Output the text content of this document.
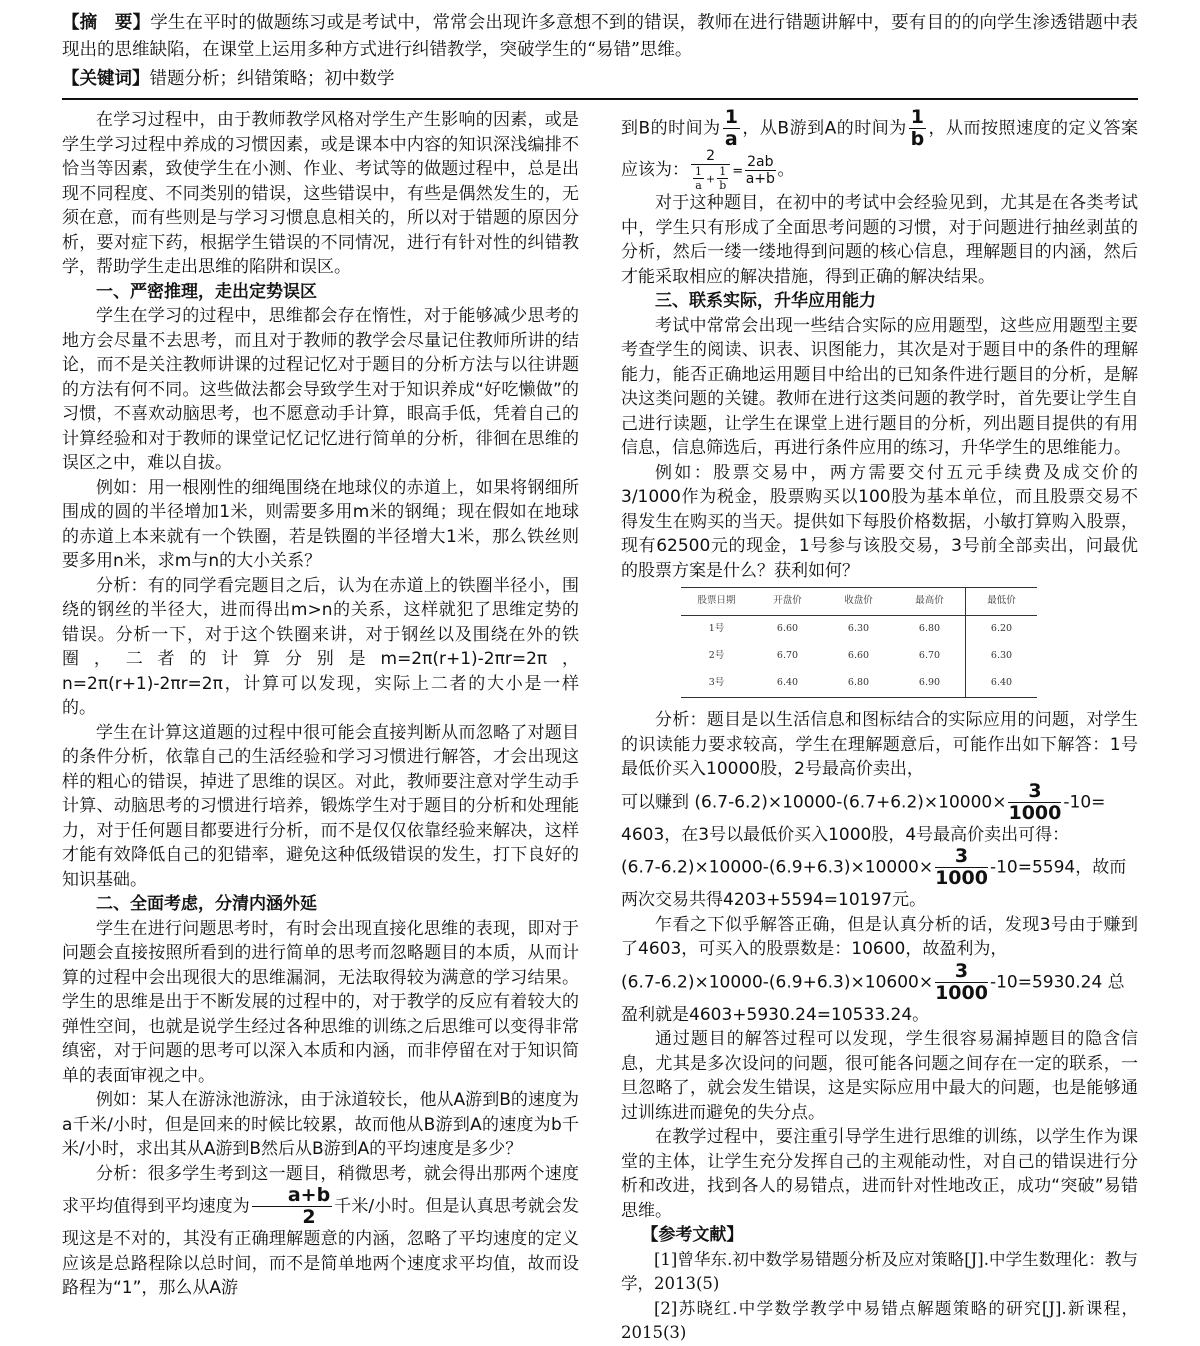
【摘　要】学生在平时的做题练习或是考试中，常常会出现许多意想不到的错误，教师在进行错题讲解中，要有目的的向学生渗透错题中表现出的思维缺陷，在课堂上运用多种方式进行纠错教学，突破学生的“易错”思维。
【关键词】错题分析；纠错策略；初中数学

在学习过程中，由于教师教学风格对学生产生影响的因素，或是学生学习过程中养成的习惯因素，或是课本中内容的知识深浅编排不恰当等因素，致使学生在小测、作业、考试等的做题过程中，总是出现不同程度、不同类别的错误，这些错误中，有些是偶然发生的，无须在意，而有些则是与学习习惯息息相关的，所以对于错题的原因分析，要对症下药，根据学生错误的不同情况，进行有针对性的纠错教学，帮助学生走出思维的陷阱和误区。

一、严密推理，走出定势误区

学生在学习的过程中，思维都会存在惰性，对于能够减少思考的地方会尽量不去思考，而且对于教师的教学会尽量记住教师所讲的结论，而不是关注教师讲课的过程记忆对于题目的分析方法与以往讲题的方法有何不同。这些做法都会导致学生对于知识养成“好吃懒做”的习惯，不喜欢动脑思考，也不愿意动手计算，眼高手低，凭着自己的计算经验和对于教师的课堂记忆记忆进行简单的分析，徘徊在思维的误区之中，难以自拔。

例如：用一根刚性的细绳围绕在地球仪的赤道上，如果将钢细所围成的圆的半径增加1米，则需要多用m米的钢绳；现在假如在地球的赤道上本来就有一个铁圈，若是铁圈的半径增大1米，那么铁丝则要多用n米，求m与n的大小关系？

分析：有的同学看完题目之后，认为在赤道上的铁圈半径小，围绕的钢丝的半径大，进而得出m>n的关系，这样就犯了思维定势的错误。分析一下，对于这个铁圈来讲，对于钢丝以及围绕在外的铁圈，二者的计算分别是m=2π(r+1)-2πr=2π，n=2π(r+1)-2πr=2π，计算可以发现，实际上二者的大小是一样的。

学生在计算这道题的过程中很可能会直接判断从而忽略了对题目的条件分析，依靠自己的生活经验和学习习惯进行解答，才会出现这样的粗心的错误，掉进了思维的误区。对此，教师要注意对学生动手计算、动脑思考的习惯进行培养，锻炼学生对于题目的分析和处理能力，对于任何题目都要进行分析，而不是仅仅依靠经验来解决，这样才能有效降低自己的犯错率，避免这种低级错误的发生，打下良好的知识基础。

二、全面考虑，分清内涵外延

学生在进行问题思考时，有时会出现直接化思维的表现，即对于问题会直接按照所看到的进行简单的思考而忽略题目的本质，从而计算的过程中会出现很大的思维漏洞，无法取得较为满意的学习结果。学生的思维是出于不断发展的过程中的，对于教学的反应有着较大的弹性空间，也就是说学生经过各种思维的训练之后思维可以变得非常缜密，对于问题的思考可以深入本质和内涵，而非停留在对于知识简单的表面审视之中。

例如：某人在游泳池游泳，由于泳道较长，他从A游到B的速度为a千米/小时，但是回来的时候比较累，故而他从B游到A的速度为b千米/小时，求出其从A游到B然后从B游到A的平均速度是多少？

分析：很多学生考到这一题目，稍微思考，就会得出那两个速度求平均值得到平均速度为 $\frac{a+b}{2}$ 千米/小时。但是认真思考就会发现这是不对的，其没有正确理解题意的内涵，忽略了平均速度的定义应该是总路程除以总时间，而不是简单地两个速度求平均值，故而设路程为“1”，那么从A游

到B的时间为 $\frac{1}{a}$ ，从B游到A的时间为 $\frac{1}{b}$ ，从而按照速度的定义答案应该为： $\frac{2}{\frac{1}{a} + \frac{1}{b}} = \frac{2ab}{a+b}$ 。

对于这种题目，在初中的考试中会经验见到，尤其是在各类考试中，学生只有形成了全面思考问题的习惯，对于问题进行抽丝剥茧的分析，然后一缕一缕地得到问题的核心信息，理解题目的内涵，然后才能采取相应的解决措施，得到正确的解决结果。

三、联系实际，升华应用能力

考试中常常会出现一些结合实际的应用题型，这些应用题型主要考查学生的阅读、识表、识图能力，其次是对于题目中的条件的理解能力，能否正确地运用题目中给出的已知条件进行题目的分析，是解决这类问题的关键。教师在进行这类问题的教学时，首先要让学生自己进行读题，让学生在课堂上进行题目的分析，列出题目提供的有用信息，信息筛选后，再进行条件应用的练习，升华学生的思维能力。

例如：股票交易中，两方需要交付五元手续费及成交价的3/1000作为税金，股票购买以100股为基本单位，而且股票交易不得发生在购买的当天。提供如下每股价格数据，小敏打算购入股票，现有62500元的现金，1号参与该股交易，3号前全部卖出，问最优的股票方案是什么？获利如何？

股票日期	开盘价	收盘价	最高价	最低价
1号	6.60	6.30	6.80	6.20
2号	6.70	6.60	6.70	6.30
3号	6.40	6.80	6.90	6.40

分析：题目是以生活信息和图标结合的实际应用的问题，对学生的识读能力要求较高，学生在理解题意后，可能作出如下解答：1号最低价买入10000股，2号最高价卖出，

可以赚到 $(6.7-6.2)\times 10000-(6.7+6.2)\times 10000\times \frac{3}{1000} -10=$

4603，在3号以最低价买入1000股，4号最高价卖出可得：

$(6.7-6.2)\times 10000-(6.9+6.3)\times 10000\times \frac{3}{1000} -10=5594$，故而

两次交易共得4203+5594=10197元。

乍看之下似乎解答正确，但是认真分析的话，发现3号由于赚到了4603，可买入的股票数是：10600，故盈利为，

$(6.7-6.2)\times 10000-(6.9+6.3)\times 10600\times \frac{3}{1000} -10=5930.24$ 总

盈利就是4603+5930.24=10533.24。

通过题目的解答过程可以发现，学生很容易漏掉题目的隐含信息，尤其是多次设问的问题，很可能各问题之间存在一定的联系，一旦忽略了，就会发生错误，这是实际应用中最大的问题，也是能够通过训练进而避免的失分点。

在教学过程中，要注重引导学生进行思维的训练，以学生作为课堂的主体，让学生充分发挥自己的主观能动性，对自己的错误进行分析和改进，找到各人的易错点，进而针对性地改正，成功“突破”易错思维。

【参考文献】

[1]曾华东.初中数学易错题分析及应对策略[J].中学生数理化：教与学，2013(5)

[2]苏晓红.中学数学教学中易错点解题策略的研究[J].新课程，2015(3)
